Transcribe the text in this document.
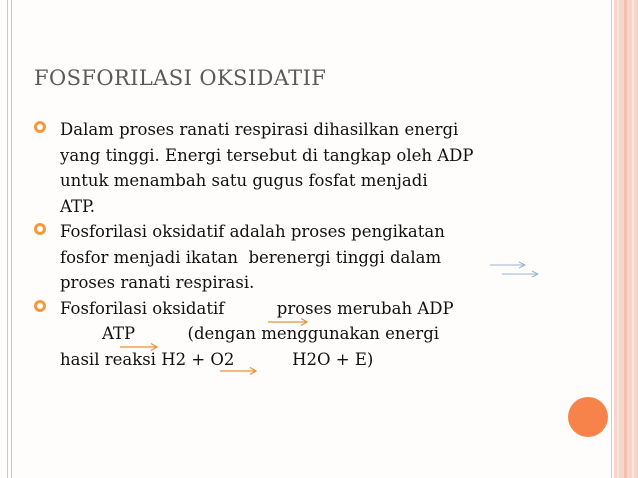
FOSFORILASI OKSIDATIF
Dalam proses ranati respirasi dihasilkan energi
yang tinggi. Energi tersebut di tangkap oleh ADP
untuk menambah satu gugus fosfat menjadi
ATP.
Fosforilasi oksidatif adalah proses pengikatan
fosfor menjadi ikatan  berenergi tinggi dalam
proses ranati respirasi.
Fosforilasi oksidatif          proses merubah ADP
ATP          (dengan menggunakan energi
hasil reaksi H2 + O2           H2O + E)
